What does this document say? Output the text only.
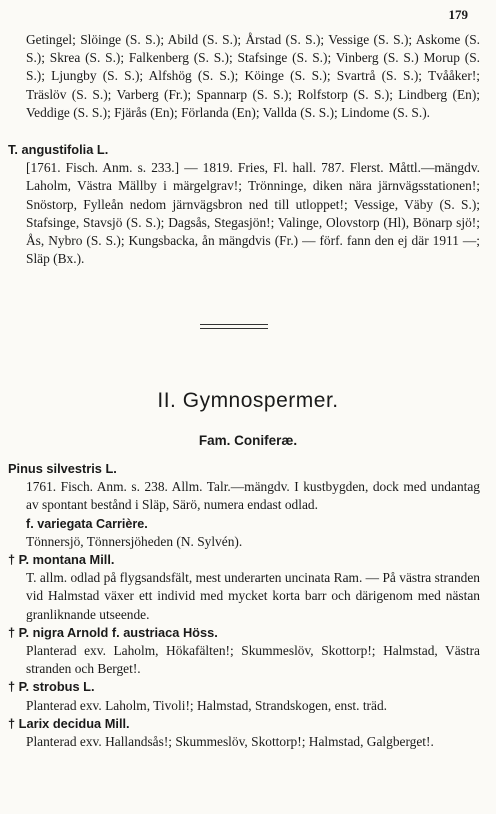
179

Getingel; Slöinge (S. S.); Abild (S. S.); Årstad (S. S.); Vessige (S. S.); Askome (S. S.); Skrea (S. S.); Falkenberg (S. S.); Stafsinge (S. S.); Vinberg (S. S.) Morup (S. S.); Ljungby (S. S.); Alfshög (S. S.); Köinge (S. S.); Svartrå (S. S.); Tvååker!; Träslöv (S. S.); Varberg (Fr.); Spannarp (S. S.); Rolfstorp (S. S.); Lindberg (En); Veddige (S. S.); Fjärås (En); Förlanda (En); Vallda (S. S.); Lindome (S. S.).

T. angustifolia L.

[1761. Fisch. Anm. s. 233.] — 1819. Fries, Fl. hall. 787. Flerst. Måttl.—mängdv. Laholm, Västra Mällby i märgelgrav!; Trönninge, diken nära järnvägsstationen!; Snöstorp, Fylleån nedom järnvägsbron ned till utloppet!; Vessige, Väby (S. S.); Stafsinge, Stavsjö (S. S.); Dagsås, Stegasjön!; Valinge, Olovstorp (Hl), Bönarp sjö!; Ås, Nybro (S. S.); Kungsbacka, ån mängdvis (Fr.) — förf. fann den ej där 1911 —; Släp (Bx.).

II. Gymnospermer.
Fam. Coniferæ.
Pinus silvestris L.

1761. Fisch. Anm. s. 238. Allm. Talr.—mängdv. I kustbygden, dock med undantag av spontant bestånd i Släp, Särö, numera endast odlad.

f. variegata Carrière.

Tönnersjö, Tönnersjöheden (N. Sylvén).

† P. montana Mill.

T. allm. odlad på flygsandsfält, mest underarten uncinata Ram. — På västra stranden vid Halmstad växer ett individ med mycket korta barr och därigenom med nästan granliknande utseende.

† P. nigra Arnold f. austriaca Höss.

Planterad exv. Laholm, Hökafälten!; Skummeslöv, Skottorp!; Halmstad, Västra stranden och Berget!.

† P. strobus L.

Planterad exv. Laholm, Tivoli!; Halmstad, Strandskogen, enst. träd.

† Larix decidua Mill.

Planterad exv. Hallandsås!; Skummeslöv, Skottorp!; Halmstad, Galgberget!.
